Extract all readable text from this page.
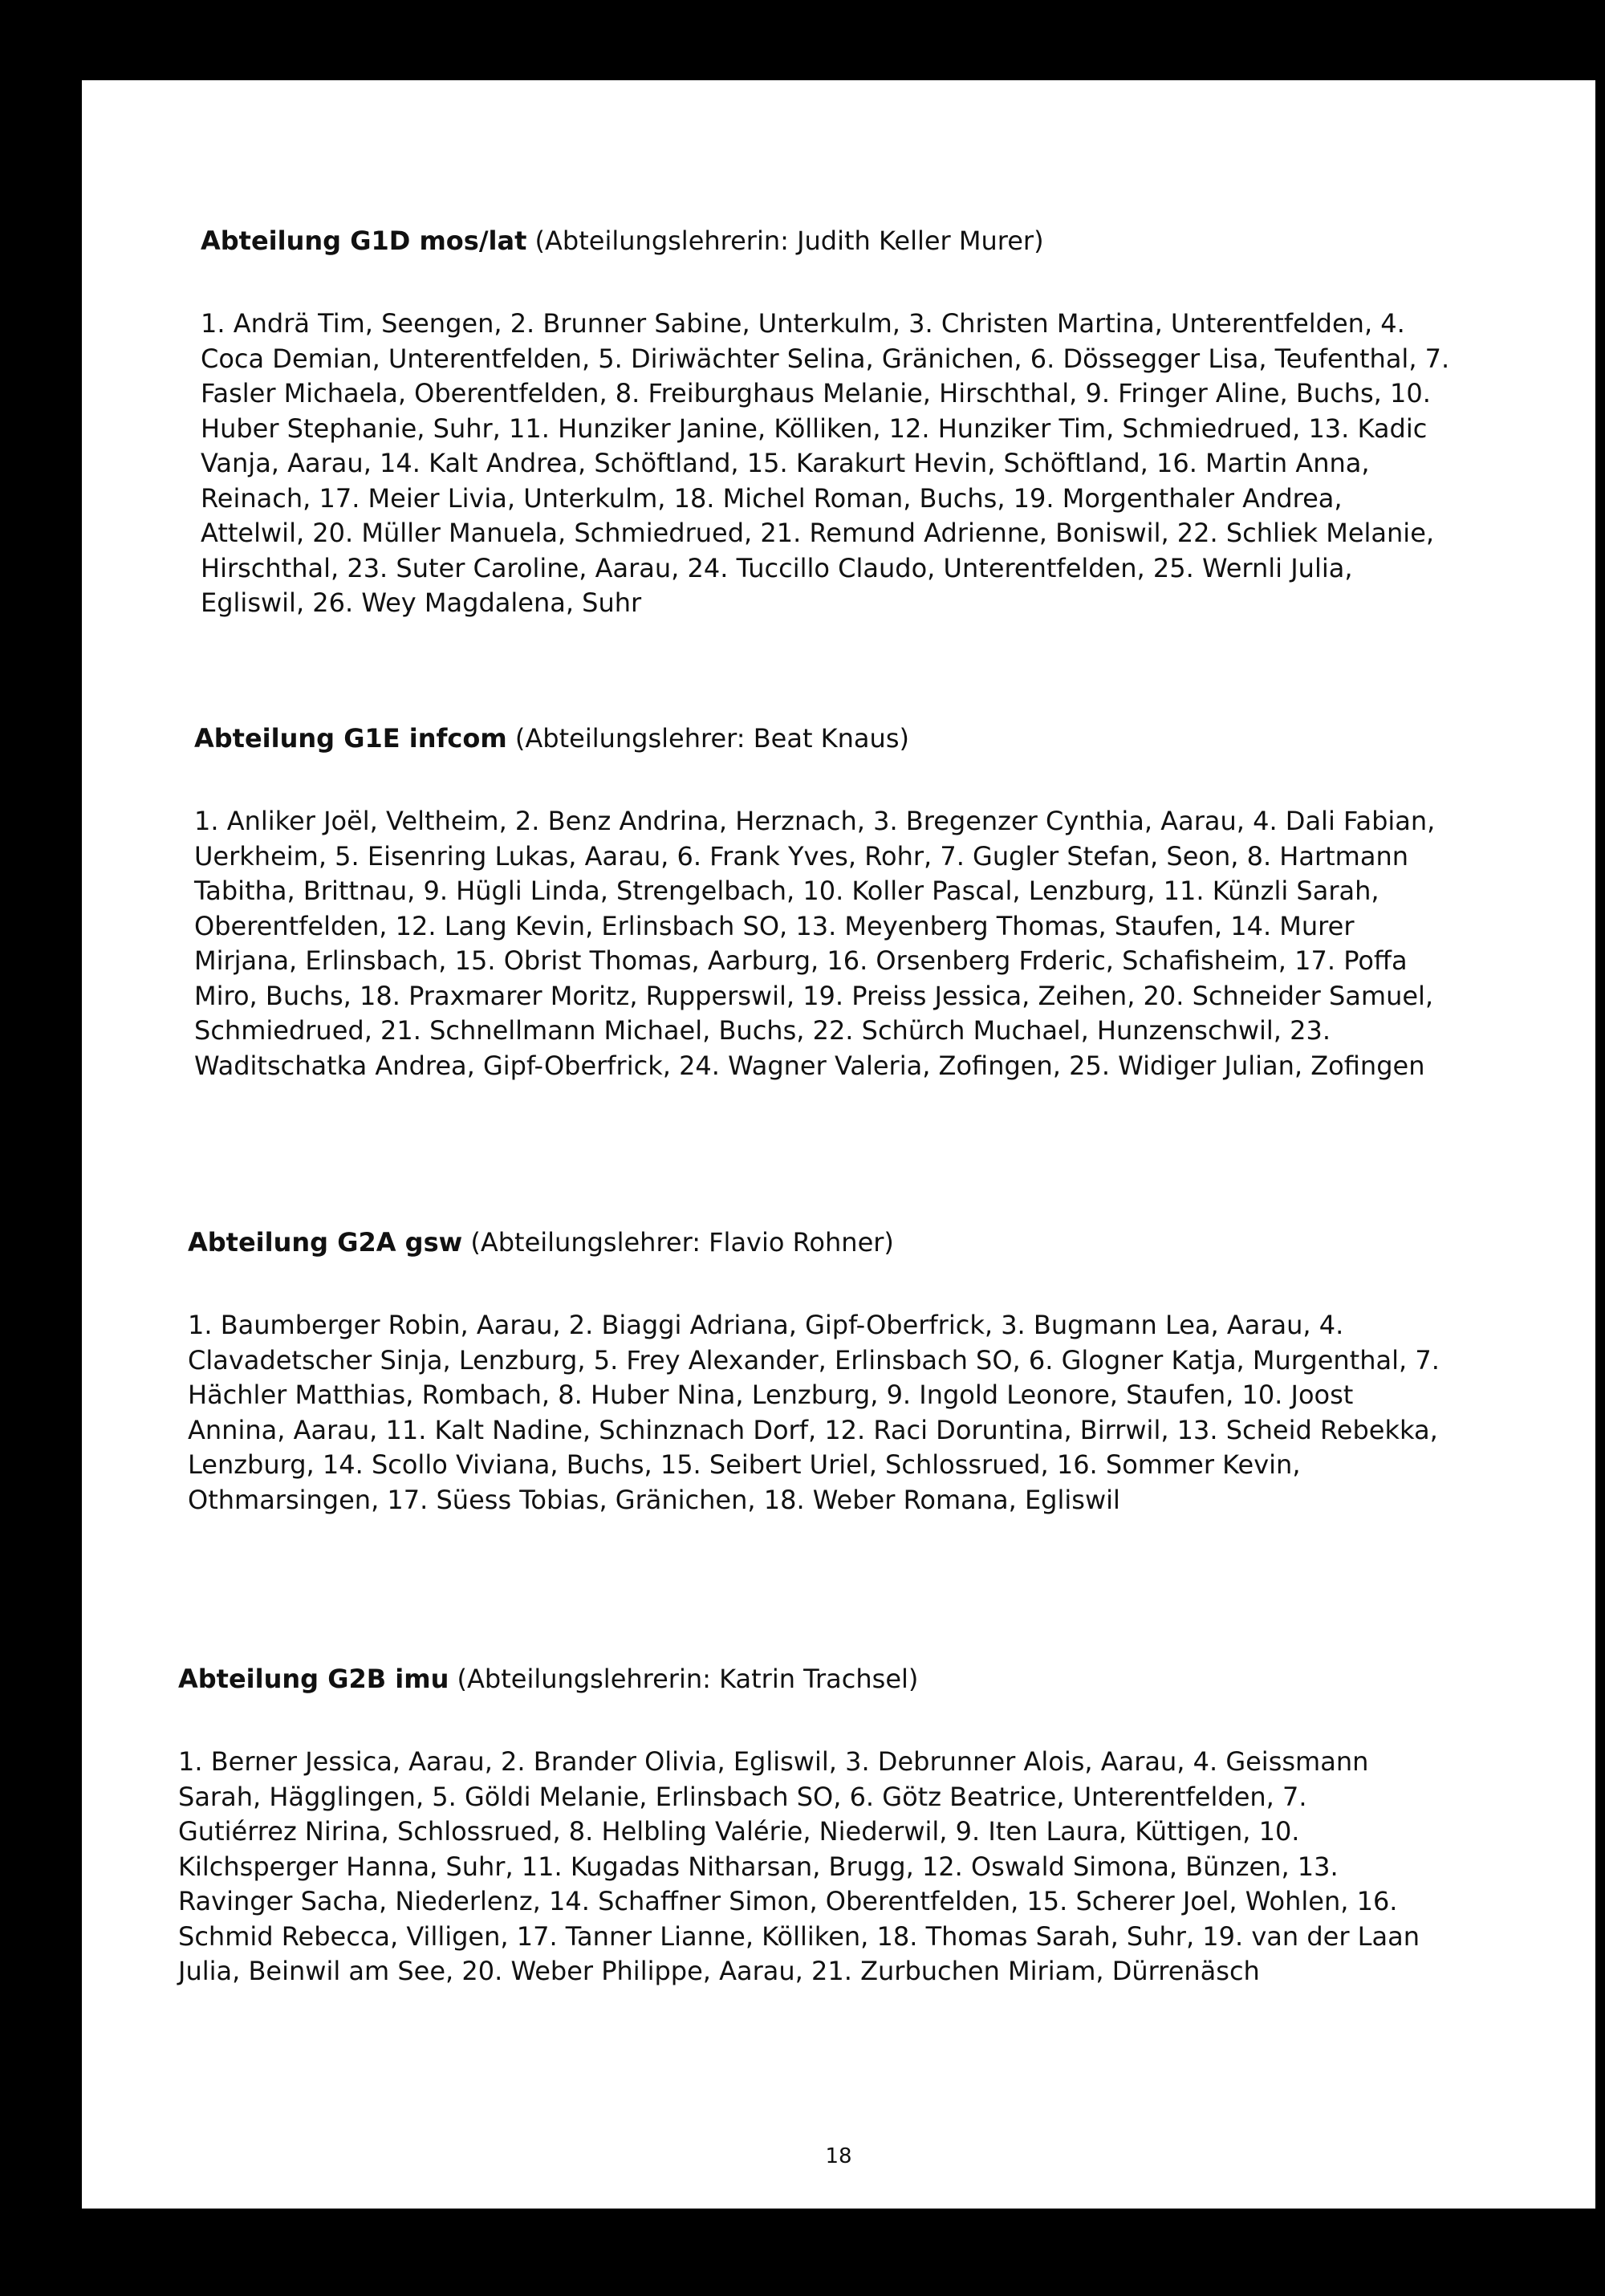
Abteilung G1D mos/lat (Abteilungslehrerin: Judith Keller Murer)

1. Andrä Tim, Seengen, 2. Brunner Sabine, Unterkulm, 3. Christen Martina, Unterentfelden, 4. Coca Demian, Unterentfelden, 5. Diriwächter Selina, Gränichen, 6. Dössegger Lisa, Teufenthal, 7. Fasler Michaela, Oberentfelden, 8. Freiburghaus Melanie, Hirschthal, 9. Fringer Aline, Buchs, 10. Huber Stephanie, Suhr, 11. Hunziker Janine, Kölliken, 12. Hunziker Tim, Schmiedrued, 13. Kadic Vanja, Aarau, 14. Kalt Andrea, Schöftland, 15. Karakurt Hevin, Schöftland, 16. Martin Anna, Reinach, 17. Meier Livia, Unterkulm, 18. Michel Roman, Buchs, 19. Morgenthaler Andrea, Attelwil, 20. Müller Manuela, Schmiedrued, 21. Remund Adrienne, Boniswil, 22. Schliek Melanie, Hirschthal, 23. Suter Caroline, Aarau, 24. Tuccillo Claudo, Unterentfelden, 25. Wernli Julia, Egliswil, 26. Wey Magdalena, Suhr

Abteilung G1E infcom (Abteilungslehrer: Beat Knaus)

1. Anliker Joël, Veltheim, 2. Benz Andrina, Herznach, 3. Bregenzer Cynthia, Aarau, 4. Dali Fabian, Uerkheim, 5. Eisenring Lukas, Aarau, 6. Frank Yves, Rohr, 7. Gugler Stefan, Seon, 8. Hartmann Tabitha, Brittnau, 9. Hügli Linda, Strengelbach, 10. Koller Pascal, Lenzburg, 11. Künzli Sarah, Oberentfelden, 12. Lang Kevin, Erlinsbach SO, 13. Meyenberg Thomas, Staufen, 14. Murer Mirjana, Erlinsbach, 15. Obrist Thomas, Aarburg, 16. Orsenberg Frderic, Schafisheim, 17. Poffa Miro, Buchs, 18. Praxmarer Moritz, Rupperswil, 19. Preiss Jessica, Zeihen, 20. Schneider Samuel, Schmiedrued, 21. Schnellmann Michael, Buchs, 22. Schürch Muchael, Hunzenschwil, 23. Waditschatka Andrea, Gipf-Oberfrick, 24. Wagner Valeria, Zofingen, 25. Widiger Julian, Zofingen

Abteilung G2A gsw (Abteilungslehrer: Flavio Rohner)

1. Baumberger Robin, Aarau, 2. Biaggi Adriana, Gipf-Oberfrick, 3. Bugmann Lea, Aarau, 4. Clavadetscher Sinja, Lenzburg, 5. Frey Alexander, Erlinsbach SO, 6. Glogner Katja, Murgenthal, 7. Hächler Matthias, Rombach, 8. Huber Nina, Lenzburg, 9. Ingold Leonore, Staufen, 10. Joost Annina, Aarau, 11. Kalt Nadine, Schinznach Dorf, 12. Raci Doruntina, Birrwil, 13. Scheid Rebekka, Lenzburg, 14. Scollo Viviana, Buchs, 15. Seibert Uriel, Schlossrued, 16. Sommer Kevin, Othmarsingen, 17. Süess Tobias, Gränichen, 18. Weber Romana, Egliswil

Abteilung G2B imu (Abteilungslehrerin: Katrin Trachsel)

1. Berner Jessica, Aarau, 2. Brander Olivia, Egliswil, 3. Debrunner Alois, Aarau, 4. Geissmann Sarah, Hägglingen, 5. Göldi Melanie, Erlinsbach SO, 6. Götz Beatrice, Unterentfelden, 7. Gutiérrez Nirina, Schlossrued, 8. Helbling Valérie, Niederwil, 9. Iten Laura, Küttigen, 10. Kilchsperger Hanna, Suhr, 11. Kugadas Nitharsan, Brugg, 12. Oswald Simona, Bünzen, 13. Ravinger Sacha, Niederlenz, 14. Schaffner Simon, Oberentfelden, 15. Scherer Joel, Wohlen, 16. Schmid Rebecca, Villigen, 17. Tanner Lianne, Kölliken, 18. Thomas Sarah, Suhr, 19. van der Laan Julia, Beinwil am See, 20. Weber Philippe, Aarau, 21. Zurbuchen Miriam, Dürrenäsch

18
